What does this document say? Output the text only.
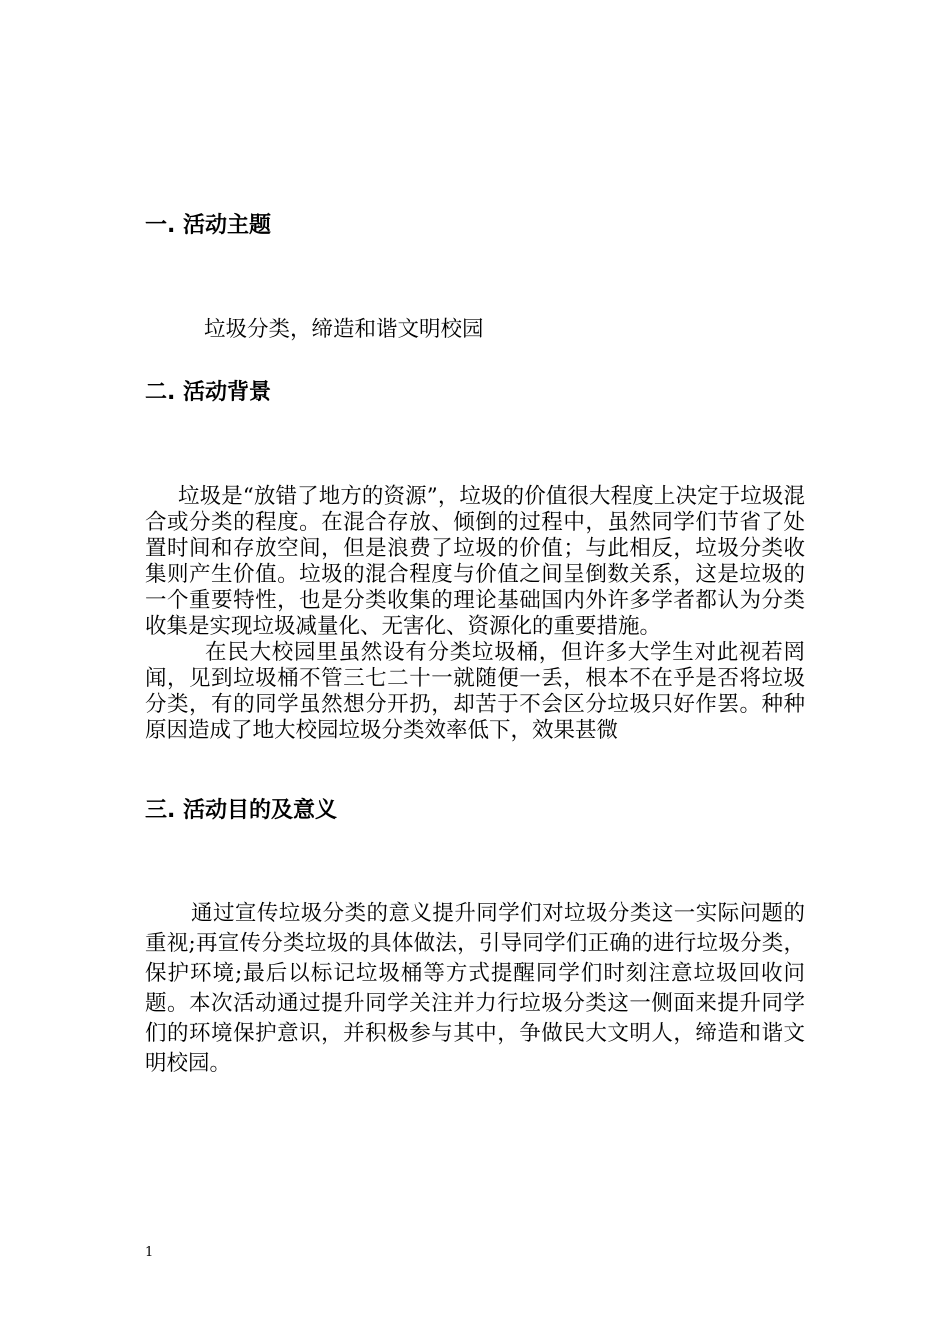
一. 活动主题
垃圾分类，缔造和谐文明校园
二. 活动背景

垃圾是“放错了地方的资源”，垃圾的价值很大程度上决定于垃圾混合或分类的程度。在混合存放、倾倒的过程中，虽然同学们节省了处置时间和存放空间，但是浪费了垃圾的价值；与此相反，垃圾分类收集则产生价值。垃圾的混合程度与价值之间呈倒数关系，这是垃圾的一个重要特性，也是分类收集的理论基础国内外许多学者都认为分类收集是实现垃圾减量化、无害化、资源化的重要措施。

在民大校园里虽然设有分类垃圾桶，但许多大学生对此视若罔闻，见到垃圾桶不管三七二十一就随便一丢，根本不在乎是否将垃圾分类，有的同学虽然想分开扔，却苦于不会区分垃圾只好作罢。种种原因造成了地大校园垃圾分类效率低下，效果甚微

三. 活动目的及意义

通过宣传垃圾分类的意义提升同学们对垃圾分类这一实际问题的重视;再宣传分类垃圾的具体做法，引导同学们正确的进行垃圾分类，保护环境;最后以标记垃圾桶等方式提醒同学们时刻注意垃圾回收问题。本次活动通过提升同学关注并力行垃圾分类这一侧面来提升同学们的环境保护意识，并积极参与其中，争做民大文明人，缔造和谐文明校园。

1
